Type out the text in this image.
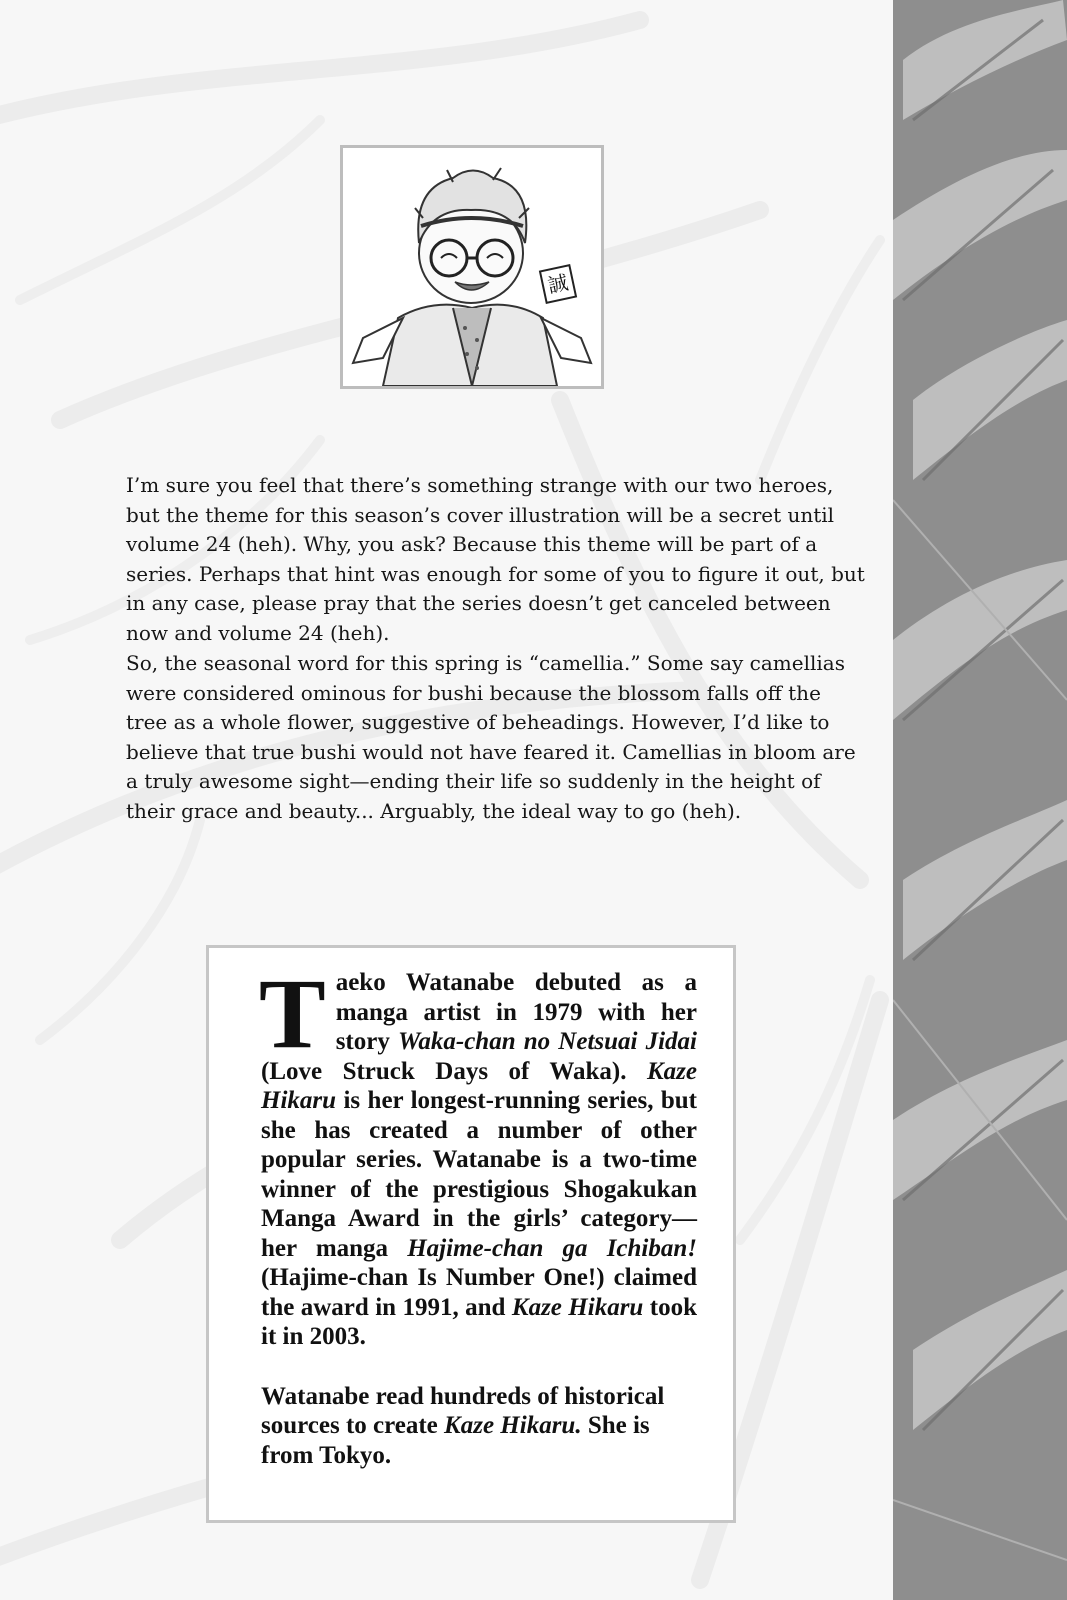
誠

I’m sure you feel that there’s something strange with our two heroes, but the theme for this season’s cover illustration will be a secret until volume 24 (heh). Why, you ask? Because this theme will be part of a series. Perhaps that hint was enough for some of you to figure it out, but in any case, please pray that the series doesn’t get canceled between now and volume 24 (heh).

So, the seasonal word for this spring is “camellia.” Some say camellias were considered ominous for bushi because the blossom falls off the tree as a whole flower, suggestive of beheadings. However, I’d like to believe that true bushi would not have feared it. Camellias in bloom are a truly awesome sight—ending their life so suddenly in the height of their grace and beauty... Arguably, the ideal way to go (heh).

Taeko Watanabe debuted as a manga artist in 1979 with her story Waka-chan no Netsuai Jidai (Love Struck Days of Waka). Kaze Hikaru is her longest-running series, but she has created a number of other popular series. Watanabe is a two-time winner of the prestigious Shogakukan Manga Award in the girls’ category—her manga Hajime-chan ga Ichiban! (Hajime-chan Is Number One!) claimed the award in 1991, and Kaze Hikaru took it in 2003.

Watanabe read hundreds of historical sources to create Kaze Hikaru. She is from Tokyo.
